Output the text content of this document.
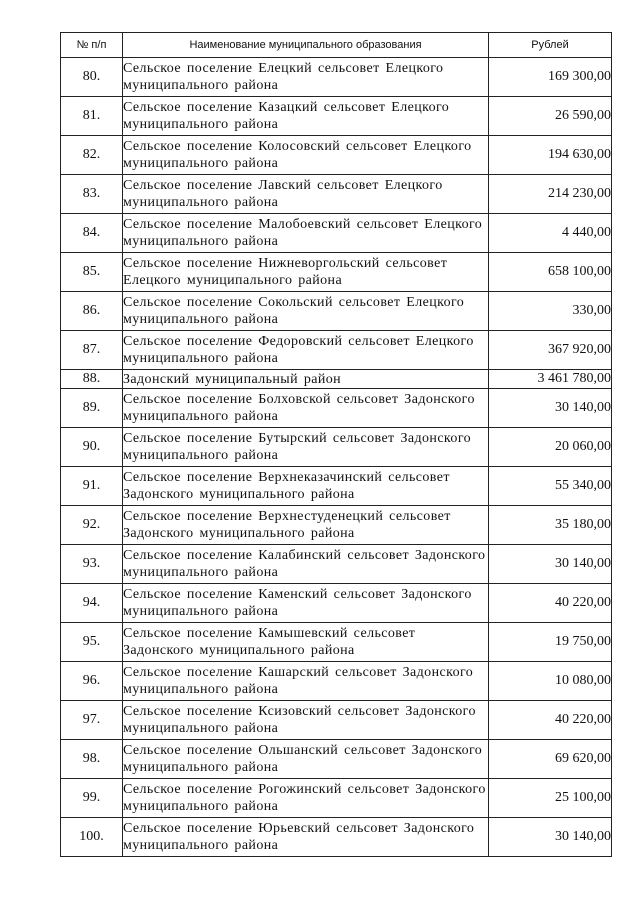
№ п/п	Наименование муниципального образования	Рублей
80.	Сельское поселение Елецкий сельсовет Елецкого муниципального района	169 300,00
81.	Сельское поселение Казацкий сельсовет Елецкого муниципального района	26 590,00
82.	Сельское поселение Колосовский сельсовет Елецкого муниципального района	194 630,00
83.	Сельское поселение Лавский сельсовет Елецкого муниципального района	214 230,00
84.	Сельское поселение Малобоевский сельсовет Елецкого муниципального района	4 440,00
85.	Сельское поселение Нижневоргольский сельсовет Елецкого муниципального района	658 100,00
86.	Сельское поселение Сокольский сельсовет Елецкого муниципального района	330,00
87.	Сельское поселение Федоровский сельсовет Елецкого муниципального района	367 920,00
88.	Задонский муниципальный район	3 461 780,00
89.	Сельское поселение Болховской сельсовет Задонского муниципального района	30 140,00
90.	Сельское поселение Бутырский сельсовет Задонского муниципального района	20 060,00
91.	Сельское поселение Верхнеказачинский сельсовет Задонского муниципального района	55 340,00
92.	Сельское поселение Верхнестуденецкий сельсовет Задонского муниципального района	35 180,00
93.	Сельское поселение Калабинский сельсовет Задонского муниципального района	30 140,00
94.	Сельское поселение Каменский сельсовет Задонского муниципального района	40 220,00
95.	Сельское поселение Камышевский сельсовет Задонского муниципального района	19 750,00
96.	Сельское поселение Кашарский сельсовет Задонского муниципального района	10 080,00
97.	Сельское поселение Ксизовский сельсовет Задонского муниципального района	40 220,00
98.	Сельское поселение Ольшанский сельсовет Задонского муниципального района	69 620,00
99.	Сельское поселение Рогожинский сельсовет Задонского муниципального района	25 100,00
100.	Сельское поселение Юрьевский сельсовет Задонского муниципального района	30 140,00
